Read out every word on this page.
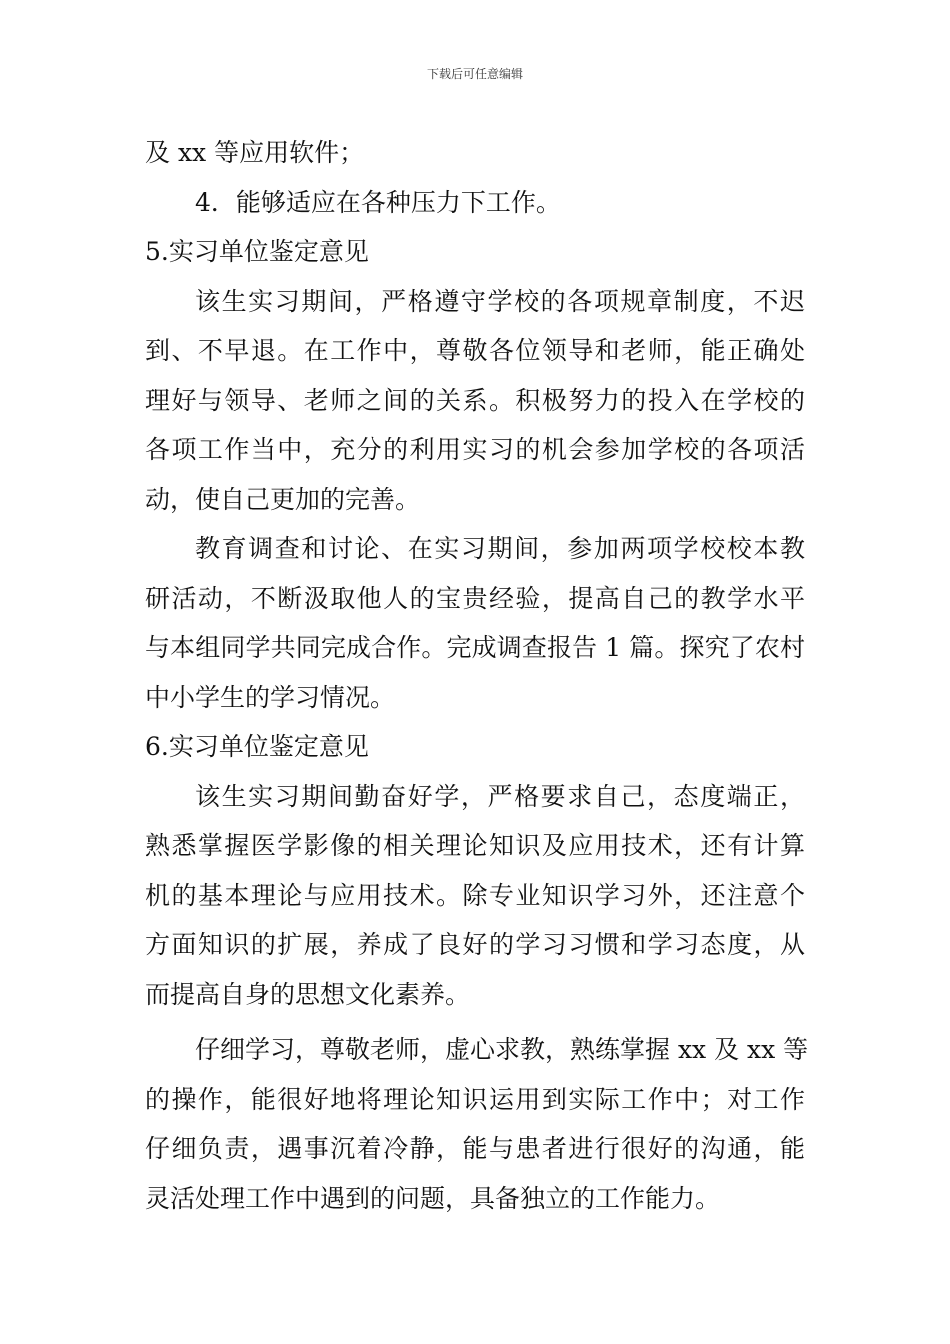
下载后可任意编辑
及 xx 等应用软件；
4．能够适应在各种压力下工作。
5.实习单位鉴定意见
该生实习期间，严格遵守学校的各项规章制度，不迟
到、不早退。在工作中，尊敬各位领导和老师，能正确处
理好与领导、老师之间的关系。积极努力的投入在学校的
各项工作当中，充分的利用实习的机会参加学校的各项活
动，使自己更加的完善。
教育调查和讨论、在实习期间，参加两项学校校本教
研活动，不断汲取他人的宝贵经验，提高自己的教学水平
与本组同学共同完成合作。完成调查报告 1 篇。探究了农村
中小学生的学习情况。
6.实习单位鉴定意见
该生实习期间勤奋好学，严格要求自己，态度端正，
熟悉掌握医学影像的相关理论知识及应用技术，还有计算
机的基本理论与应用技术。除专业知识学习外，还注意个
方面知识的扩展，养成了良好的学习习惯和学习态度，从
而提高自身的思想文化素养。
仔细学习，尊敬老师，虚心求教，熟练掌握 xx 及 xx 等
的操作，能很好地将理论知识运用到实际工作中；对工作
仔细负责，遇事沉着冷静，能与患者进行很好的沟通，能
灵活处理工作中遇到的问题，具备独立的工作能力。
